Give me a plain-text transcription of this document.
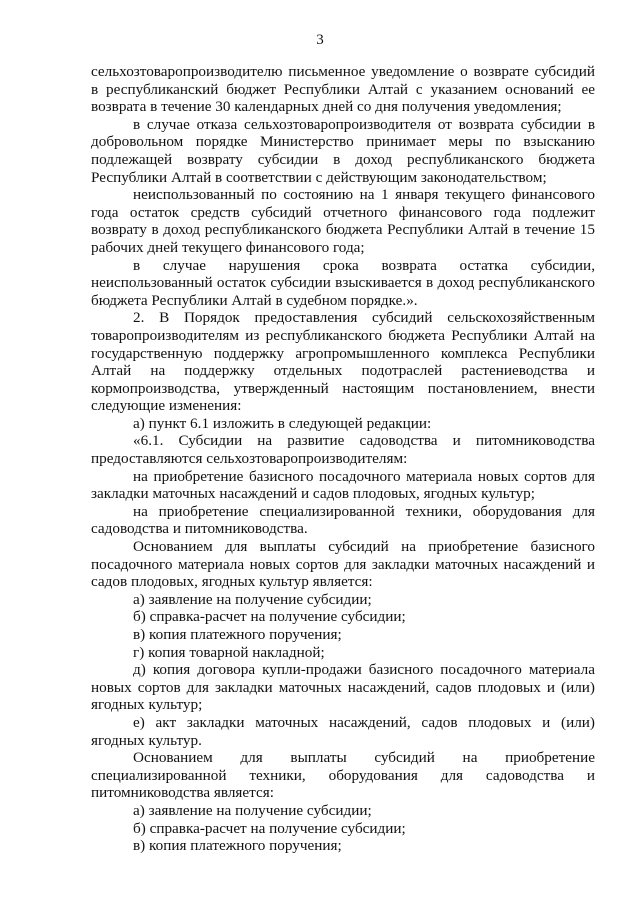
3

сельхозтоваропроизводителю письменное уведомление о возврате субсидий в республиканский бюджет Республики Алтай с указанием оснований ее возврата в течение 30 календарных дней со дня получения уведомления;

в случае отказа сельхозтоваропроизводителя от возврата субсидии в добровольном порядке Министерство принимает меры по взысканию подлежащей возврату субсидии в доход республиканского бюджета Республики Алтай в соответствии с действующим законодательством;

неиспользованный по состоянию на 1 января текущего финансового года остаток средств субсидий отчетного финансового года подлежит возврату в доход республиканского бюджета Республики Алтай в течение 15 рабочих дней текущего финансового года;

в случае нарушения срока возврата остатка субсидии, неиспользованный остаток субсидии взыскивается в доход республиканского бюджета Республики Алтай в судебном порядке.».

2. В Порядок предоставления субсидий сельскохозяйственным товаропроизводителям из республиканского бюджета Республики Алтай на государственную поддержку агропромышленного комплекса Республики Алтай на поддержку отдельных подотраслей растениеводства и кормопроизводства, утвержденный настоящим постановлением, внести следующие изменения:

а) пункт 6.1 изложить в следующей редакции:

«6.1. Субсидии на развитие садоводства и питомниководства предоставляются сельхозтоваропроизводителям:

на приобретение базисного посадочного материала новых сортов для закладки маточных насаждений и садов плодовых, ягодных культур;

на приобретение специализированной техники, оборудования для садоводства и питомниководства.

Основанием для выплаты субсидий на приобретение базисного посадочного материала новых сортов для закладки маточных насаждений и садов плодовых, ягодных культур является:

а) заявление на получение субсидии;

б) справка-расчет на получение субсидии;

в) копия платежного поручения;

г) копия товарной накладной;

д) копия договора купли-продажи базисного посадочного материала новых сортов для закладки маточных насаждений, садов плодовых и (или) ягодных культур;

е) акт закладки маточных насаждений, садов плодовых и (или) ягодных культур.

Основанием для выплаты субсидий на приобретение специализированной техники, оборудования для садоводства и питомниководства является:

а) заявление на получение субсидии;

б) справка-расчет на получение субсидии;

в) копия платежного поручения;
